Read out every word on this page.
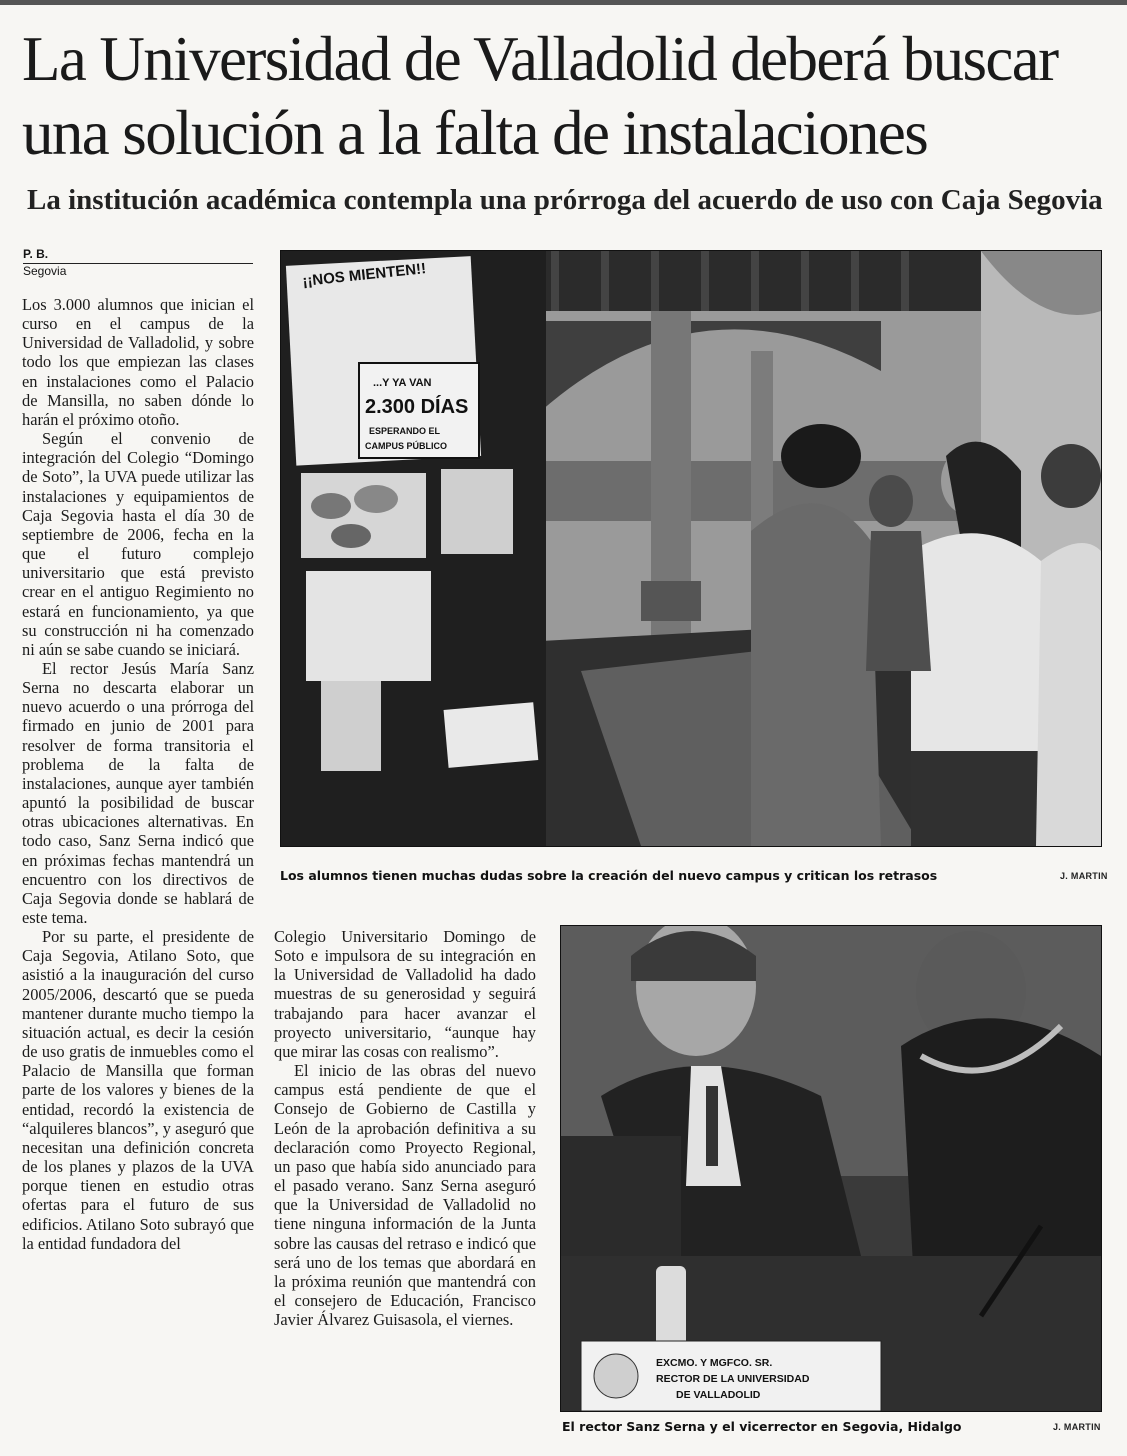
La Universidad de Valladolid deberá buscar una solución a la falta de instalaciones
La institución académica contempla una prórroga del acuerdo de uso con Caja Segovia
P. B.
Segovia

Los 3.000 alumnos que inician el curso en el campus de la Universidad de Valladolid, y sobre todo los que empiezan las clases en instalaciones como el Palacio de Mansilla, no saben dónde lo harán el próximo otoño.

Según el convenio de integración del Colegio “Domingo de Soto”, la UVA puede utilizar las instalaciones y equipamientos de Caja Segovia hasta el día 30 de septiembre de 2006, fecha en la que el futuro complejo universitario que está previsto crear en el antiguo Regimiento no estará en funcionamiento, ya que su construcción ni ha comenzado ni aún se sabe cuando se iniciará.

El rector Jesús María Sanz Serna no descarta elaborar un nuevo acuerdo o una prórroga del firmado en junio de 2001 para resolver de forma transitoria el problema de la falta de instalaciones, aunque ayer también apuntó la posibilidad de buscar otras ubicaciones alternativas. En todo caso, Sanz Serna indicó que en próximas fechas mantendrá un encuentro con los directivos de Caja Segovia donde se hablará de este tema.

Por su parte, el presidente de Caja Segovia, Atilano Soto, que asistió a la inauguración del curso 2005/2006, descartó que se pueda mantener durante mucho tiempo la situación actual, es decir la cesión de uso gratis de inmuebles como el Palacio de Mansilla que forman parte de los valores y bienes de la entidad, recordó la existencia de “alquileres blancos”, y aseguró que necesitan una definición concreta de los planes y plazos de la UVA porque tienen en estudio otras ofertas para el futuro de sus edificios. Atilano Soto subrayó que la entidad fundadora del

Colegio Universitario Domingo de Soto e impulsora de su integración en la Universidad de Valladolid ha dado muestras de su generosidad y seguirá trabajando para hacer avanzar el proyecto universitario, “aunque hay que mirar las cosas con realismo”.

El inicio de las obras del nuevo campus está pendiente de que el Consejo de Gobierno de Castilla y León de la aprobación definitiva a su declaración como Proyecto Regional, un paso que había sido anunciado para el pasado verano. Sanz Serna aseguró que la Universidad de Valladolid no tiene ninguna información de la Junta sobre las causas del retraso e indicó que será uno de los temas que abordará en la próxima reunión que mantendrá con el consejero de Educación, Francisco Javier Álvarez Guisasola, el viernes.

¡¡NOS MIENTEN!!
...Y YA VAN
2.300 DÍAS
ESPERANDO EL
CAMPUS PÚBLICO
Los alumnos tienen muchas dudas sobre la creación del nuevo campus y critican los retrasos	J. MARTIN
EXCMO. Y MGFCO. SR.
RECTOR DE LA UNIVERSIDAD
DE VALLADOLID
El rector Sanz Serna y el vicerrector en Segovia, Hidalgo	J. MARTIN
